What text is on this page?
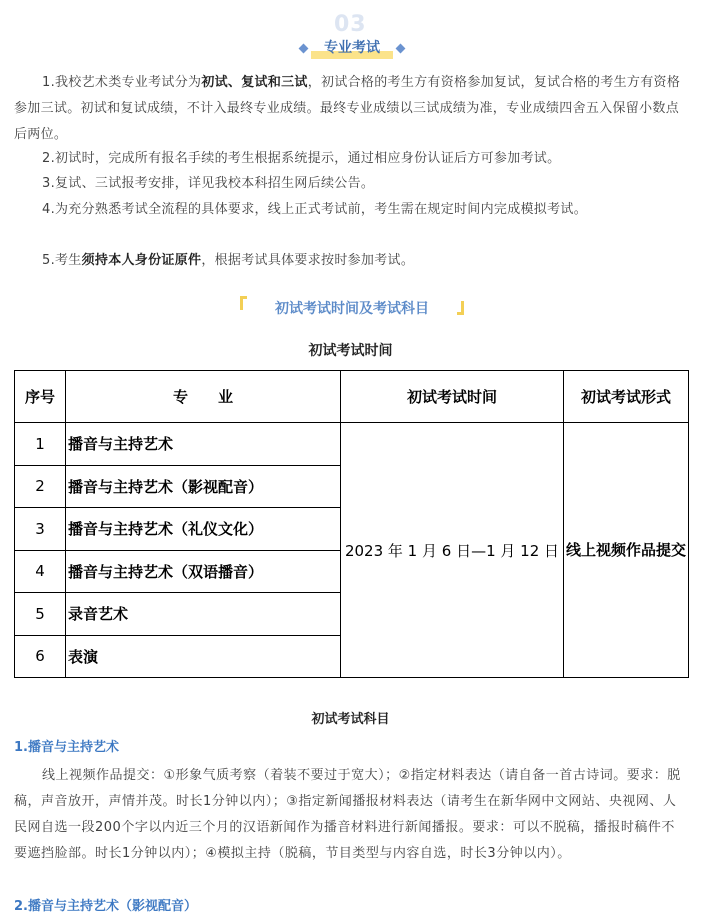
03
专业考试
1.我校艺术类专业考试分为初试、复试和三试，初试合格的考生方有资格参加复试，复试合格的考生方有资格参加三试。初试和复试成绩，不计入最终专业成绩。最终专业成绩以三试成绩为准，专业成绩四舍五入保留小数点后两位。
2.初试时，完成所有报名手续的考生根据系统提示，通过相应身份认证后方可参加考试。
3.复试、三试报考安排，详见我校本科招生网后续公告。
4.为充分熟悉考试全流程的具体要求，线上正式考试前，考生需在规定时间内完成模拟考试。
5.考生须持本人身份证原件，根据考试具体要求按时参加考试。
初试考试时间及考试科目
初试考试时间
序号	专　　业	初试考试时间	初试考试形式
1	播音与主持艺术	2023 年 1 月 6 日—1 月 12 日	线上视频作品提交
2	播音与主持艺术（影视配音）		
3	播音与主持艺术（礼仪文化）		
4	播音与主持艺术（双语播音）		
5	录音艺术		
6	表演		
初试考试科目
1.播音与主持艺术
线上视频作品提交：①形象气质考察（着装不要过于宽大）；②指定材料表达（请自备一首古诗词。要求：脱稿，声音放开，声情并茂。时长1分钟以内）；③指定新闻播报材料表达（请考生在新华网中文网站、央视网、人民网自选一段200个字以内近三个月的汉语新闻作为播音材料进行新闻播报。要求：可以不脱稿，播报时稿件不要遮挡脸部。时长1分钟以内）；④模拟主持（脱稿，节目类型与内容自选，时长3分钟以内）。
2.播音与主持艺术（影视配音）
